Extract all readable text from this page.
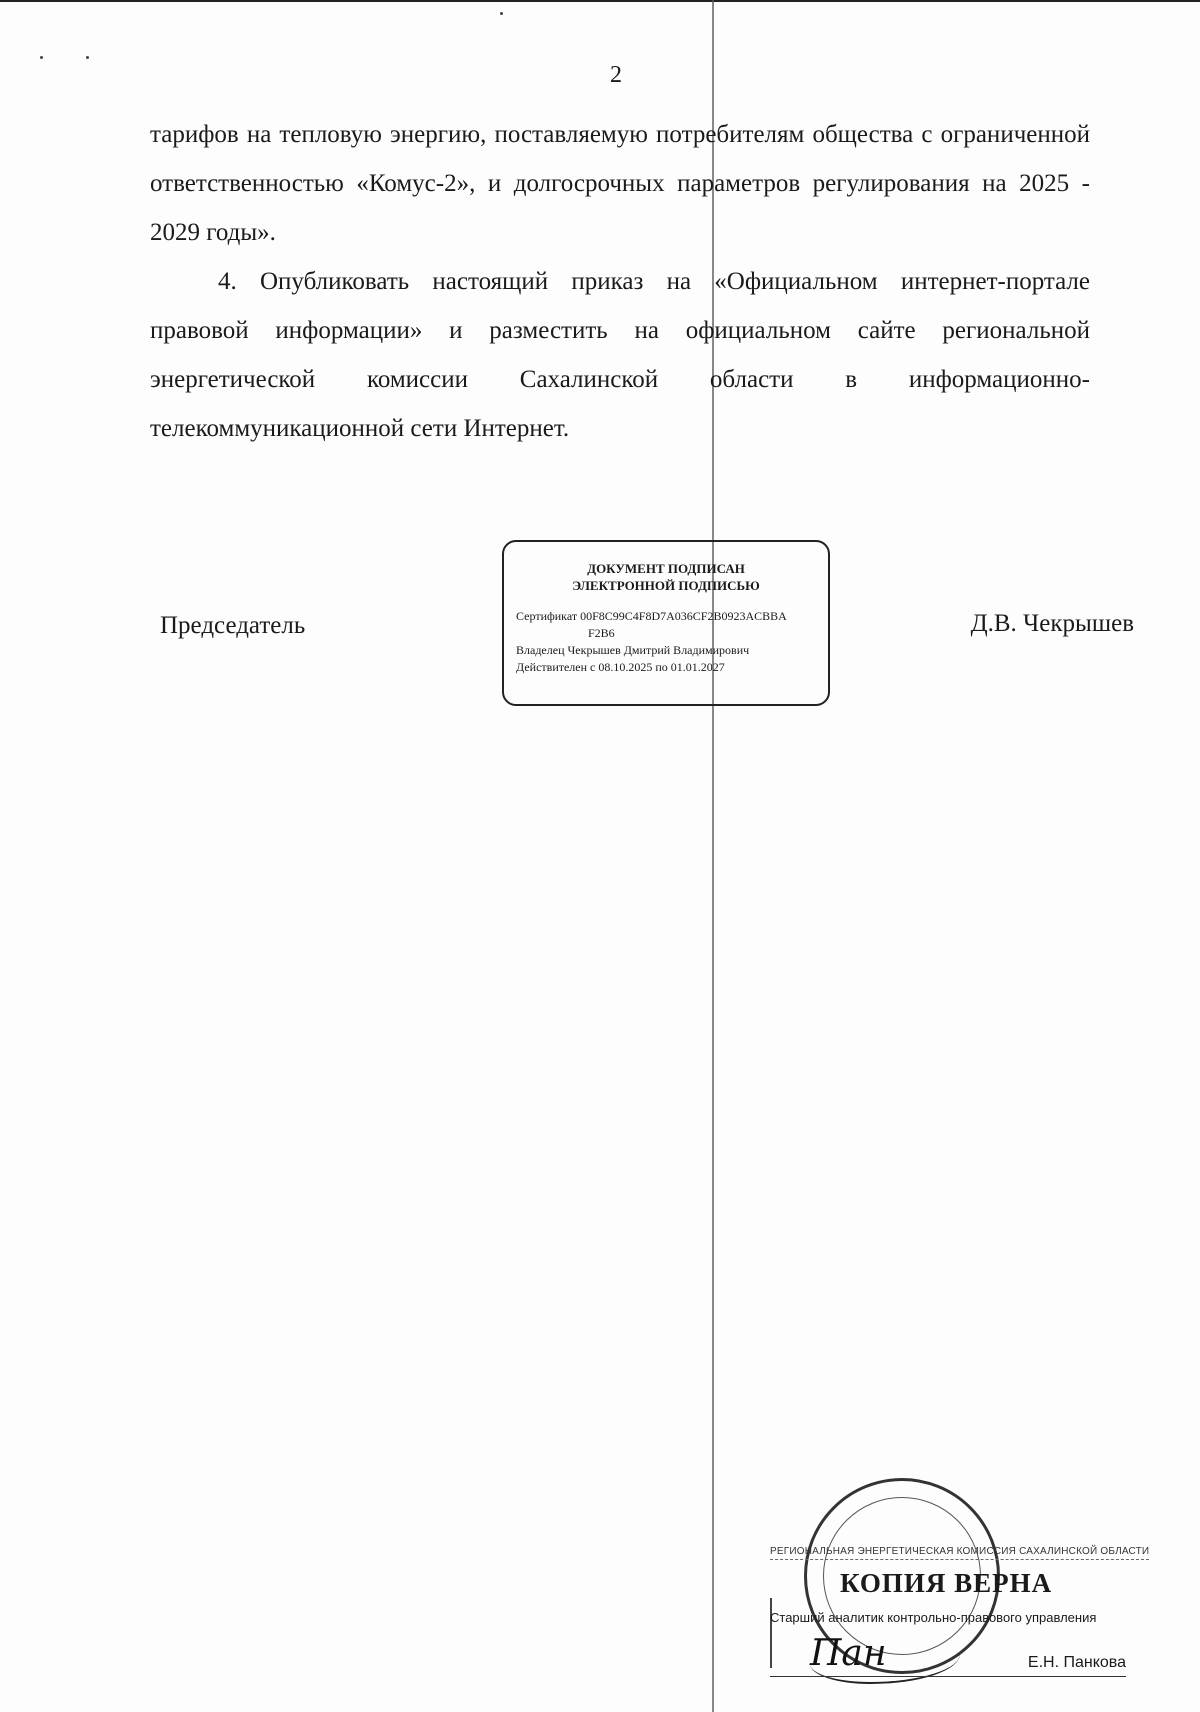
2

тарифов на тепловую энергию, поставляемую потребителям общества с ограниченной ответственностью «Комус-2», и долгосрочных параметров регулирования на 2025 - 2029 годы».

4. Опубликовать настоящий приказ на «Официальном интернет-портале правовой информации» и разместить на официальном сайте региональной энергетической комиссии Сахалинской области в информационно-телекоммуникационной сети Интернет.

Председатель
ДОКУМЕНТ ПОДПИСАН
ЭЛЕКТРОННОЙ ПОДПИСЬЮ
Сертификат 00F8C99C4F8D7A036CF2B0923ACBBA
F2B6
Владелец Чекрышев Дмитрий Владимирович
Действителен с 08.10.2025 по 01.01.2027
Д.В. Чекрышев
РЕГИОНАЛЬНАЯ ЭНЕРГЕТИЧЕСКАЯ КОМИССИЯ САХАЛИНСКОЙ ОБЛАСТИ
КОПИЯ ВЕРНА
Старший аналитик контрольно-правового управления
Пан	Е.Н. Панкова
